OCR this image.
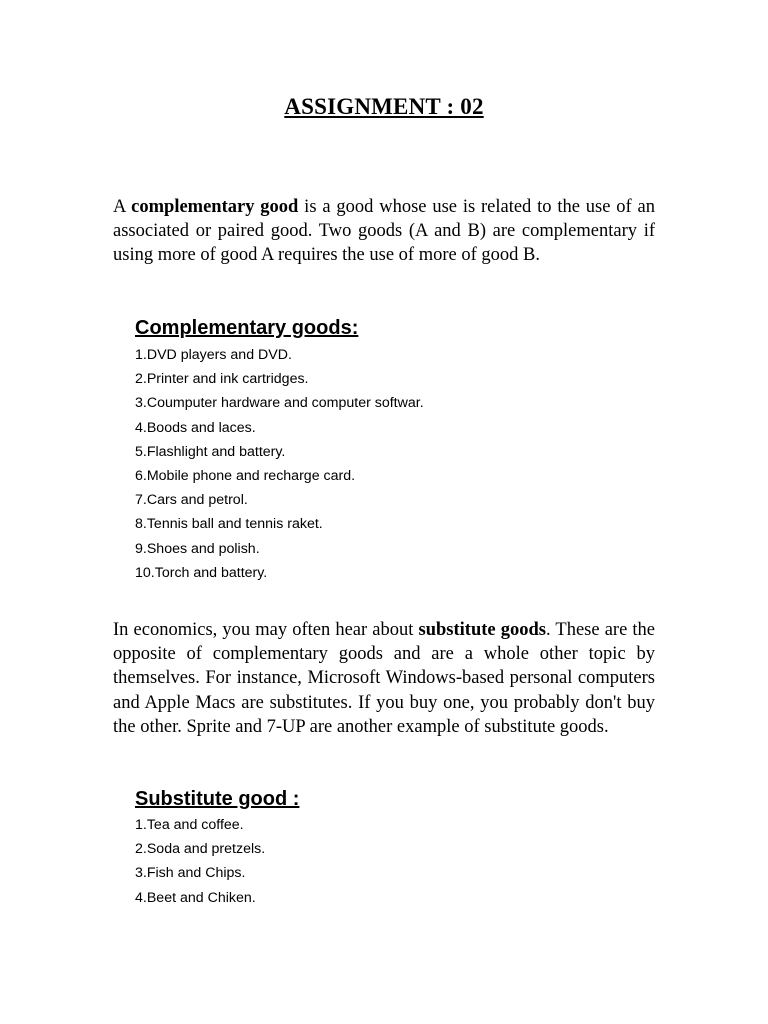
ASSIGNMENT : 02

A complementary good is a good whose use is related to the use of an associated or paired good. Two goods (A and B) are complementary if using more of good A requires the use of more of good B.

Complementary goods:
1.DVD players and DVD.
2.Printer and ink cartridges.
3.Coumputer hardware and computer softwar.
4.Boods and laces.
5.Flashlight and battery.
6.Mobile phone and recharge card.
7.Cars and petrol.
8.Tennis ball and tennis raket.
9.Shoes and polish.
10.Torch and battery.

In economics, you may often hear about substitute goods. These are the opposite of complementary goods and are a whole other topic by themselves. For instance, Microsoft Windows-based personal computers and Apple Macs are substitutes. If you buy one, you probably don't buy the other. Sprite and 7-UP are another example of substitute goods.

Substitute good :
1.Tea and coffee.
2.Soda and pretzels.
3.Fish and Chips.
4.Beet and Chiken.
